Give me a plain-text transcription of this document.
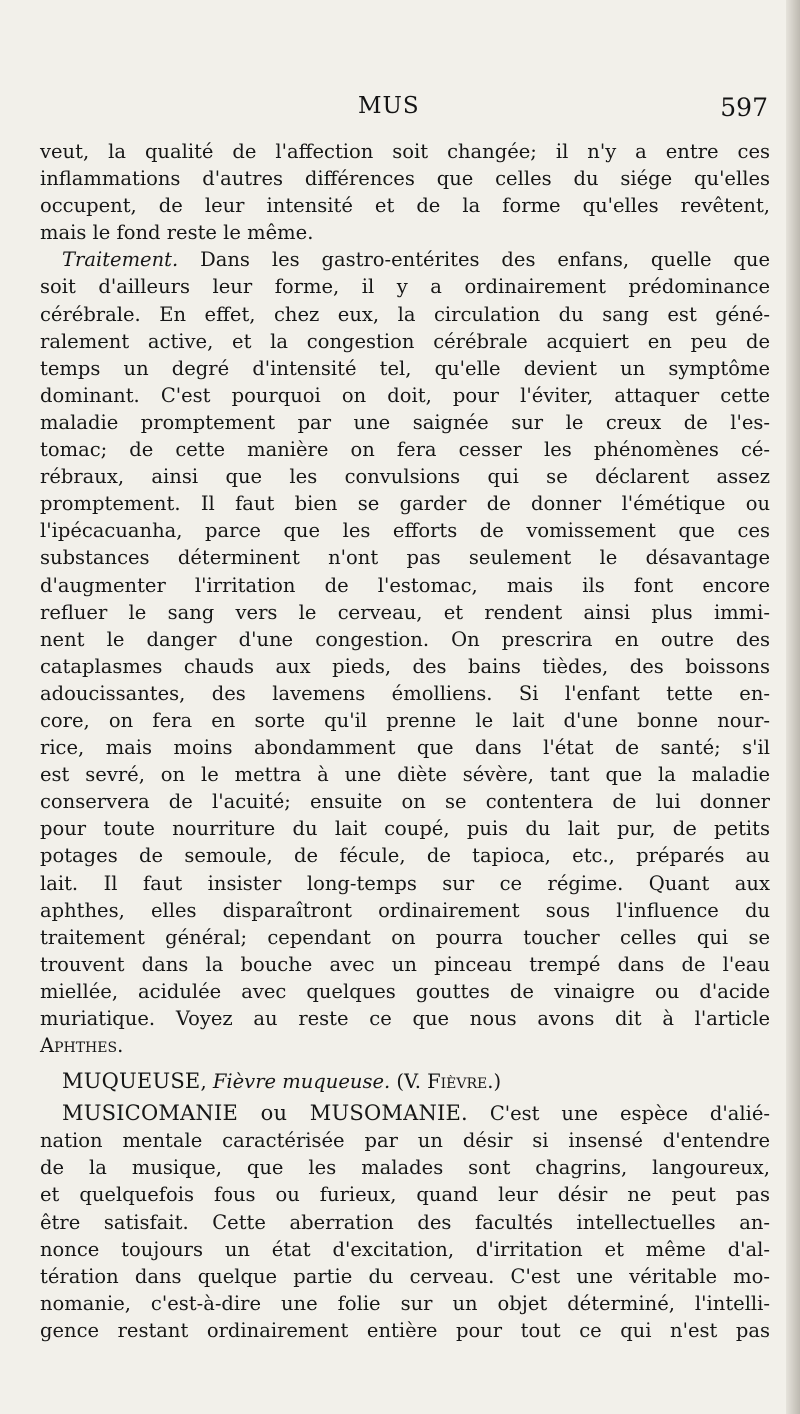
MUS	597
veut, la qualité de l'affection soit changée; il n'y a entre ces
inflammations d'autres différences que celles du siége qu'elles
occupent, de leur intensité et de la forme qu'elles revêtent,
mais le fond reste le même.
Traitement. Dans les gastro-entérites des enfans, quelle que
soit d'ailleurs leur forme, il y a ordinairement prédominance
cérébrale. En effet, chez eux, la circulation du sang est géné-
ralement active, et la congestion cérébrale acquiert en peu de
temps un degré d'intensité tel, qu'elle devient un symptôme
dominant. C'est pourquoi on doit, pour l'éviter, attaquer cette
maladie promptement par une saignée sur le creux de l'es-
tomac; de cette manière on fera cesser les phénomènes cé-
rébraux, ainsi que les convulsions qui se déclarent assez
promptement. Il faut bien se garder de donner l'émétique ou
l'ipécacuanha, parce que les efforts de vomissement que ces
substances déterminent n'ont pas seulement le désavantage
d'augmenter l'irritation de l'estomac, mais ils font encore
refluer le sang vers le cerveau, et rendent ainsi plus immi-
nent le danger d'une congestion. On prescrira en outre des
cataplasmes chauds aux pieds, des bains tièdes, des boissons
adoucissantes, des lavemens émolliens. Si l'enfant tette en-
core, on fera en sorte qu'il prenne le lait d'une bonne nour-
rice, mais moins abondamment que dans l'état de santé; s'il
est sevré, on le mettra à une diète sévère, tant que la maladie
conservera de l'acuité; ensuite on se contentera de lui donner
pour toute nourriture du lait coupé, puis du lait pur, de petits
potages de semoule, de fécule, de tapioca, etc., préparés au
lait. Il faut insister long-temps sur ce régime. Quant aux
aphthes, elles disparaîtront ordinairement sous l'influence du
traitement général; cependant on pourra toucher celles qui se
trouvent dans la bouche avec un pinceau trempé dans de l'eau
miellée, acidulée avec quelques gouttes de vinaigre ou d'acide
muriatique. Voyez au reste ce que nous avons dit à l'article
Aphthes.
MUQUEUSE, Fièvre muqueuse. (V. Fièvre.)
MUSICOMANIE ou MUSOMANIE. C'est une espèce d'alié-
nation mentale caractérisée par un désir si insensé d'entendre
de la musique, que les malades sont chagrins, langoureux,
et quelquefois fous ou furieux, quand leur désir ne peut pas
être satisfait. Cette aberration des facultés intellectuelles an-
nonce toujours un état d'excitation, d'irritation et même d'al-
tération dans quelque partie du cerveau. C'est une véritable mo-
nomanie, c'est-à-dire une folie sur un objet déterminé, l'intelli-
gence restant ordinairement entière pour tout ce qui n'est pas
